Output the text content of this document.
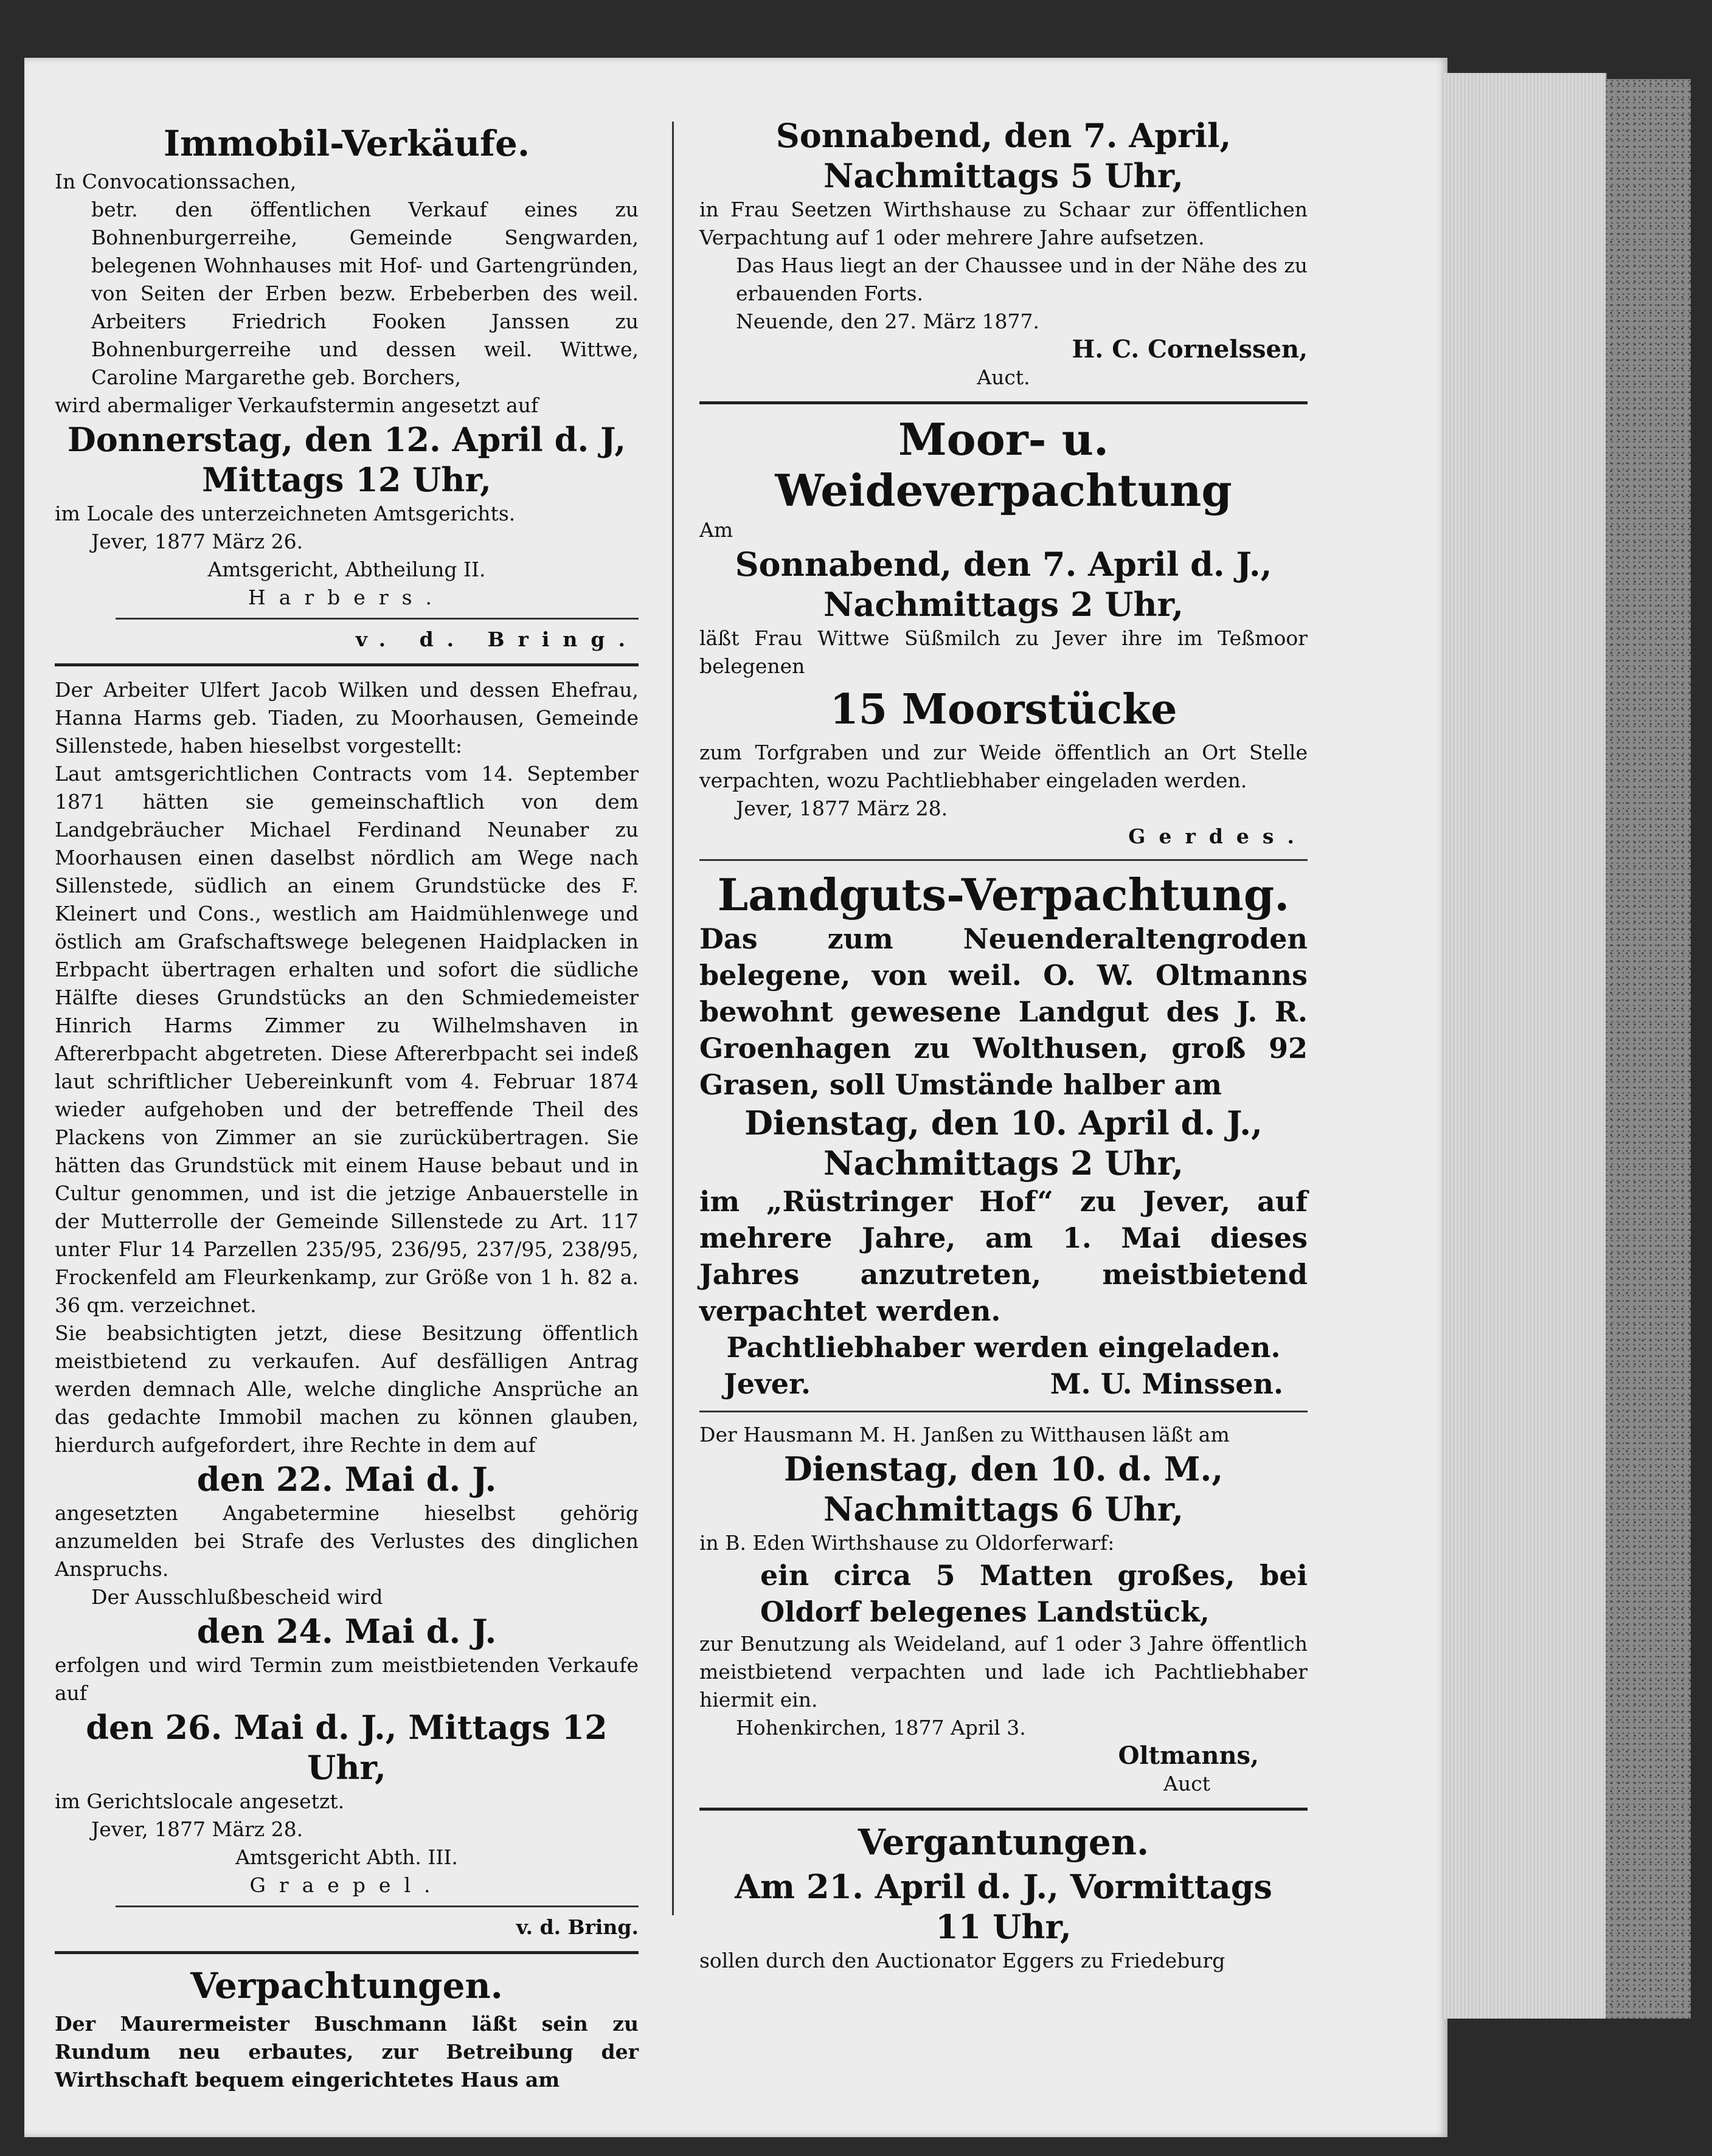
Immobil-Verkäufe.

In Convocationssachen,

betr. den öffentlichen Verkauf eines zu Bohnenburgerreihe, Gemeinde Sengwarden, belegenen Wohnhauses mit Hof- und Gartengründen, von Seiten der Erben bezw. Erbeberben des weil. Arbeiters Friedrich Fooken Janssen zu Bohnenburgerreihe und dessen weil. Wittwe, Caroline Margarethe geb. Borchers,

wird abermaliger Verkaufstermin angesetzt auf

Donnerstag, den 12. April d. J,
Mittags 12 Uhr,

im Locale des unterzeichneten Amtsgerichts.

Jever, 1877 März 26.

Amtsgericht, Abtheilung II.

Harbers.

v. d. Bring.

Der Arbeiter Ulfert Jacob Wilken und dessen Ehefrau, Hanna Harms geb. Tiaden, zu Moorhausen, Gemeinde Sillenstede, haben hieselbst vorgestellt:

Laut amtsgerichtlichen Contracts vom 14. September 1871 hätten sie gemeinschaftlich von dem Landgebräucher Michael Ferdinand Neunaber zu Moorhausen einen daselbst nördlich am Wege nach Sillenstede, südlich an einem Grundstücke des F. Kleinert und Cons., westlich am Haidmühlenwege und östlich am Grafschaftswege belegenen Haidplacken in Erbpacht übertragen erhalten und sofort die südliche Hälfte dieses Grundstücks an den Schmiedemeister Hinrich Harms Zimmer zu Wilhelmshaven in Aftererbpacht abgetreten. Diese Aftererbpacht sei indeß laut schriftlicher Uebereinkunft vom 4. Februar 1874 wieder aufgehoben und der betreffende Theil des Plackens von Zimmer an sie zurückübertragen. Sie hätten das Grundstück mit einem Hause bebaut und in Cultur genommen, und ist die jetzige Anbauerstelle in der Mutterrolle der Gemeinde Sillenstede zu Art. 117 unter Flur 14 Parzellen 235/95, 236/95, 237/95, 238/95, Frockenfeld am Fleurkenkamp, zur Größe von 1 h. 82 a. 36 qm. verzeichnet.

Sie beabsichtigten jetzt, diese Besitzung öffentlich meistbietend zu verkaufen. Auf desfälligen Antrag werden demnach Alle, welche dingliche Ansprüche an das gedachte Immobil machen zu können glauben, hierdurch aufgefordert, ihre Rechte in dem auf

den 22. Mai d. J.

angesetzten Angabetermine hieselbst gehörig anzumelden bei Strafe des Verlustes des dinglichen Anspruchs.

Der Ausschlußbescheid wird

den 24. Mai d. J.

erfolgen und wird Termin zum meistbietenden Verkaufe auf

den 26. Mai d. J., Mittags 12 Uhr,

im Gerichtslocale angesetzt.

Jever, 1877 März 28.

Amtsgericht Abth. III.

Graepel.

v. d. Bring.

Verpachtungen.

Der Maurermeister Buschmann läßt sein zu Rundum neu erbautes, zur Betreibung der Wirthschaft bequem eingerichtetes Haus am

Sonnabend, den 7. April,
Nachmittags 5 Uhr,

in Frau Seetzen Wirthshause zu Schaar zur öffentlichen Verpachtung auf 1 oder mehrere Jahre aufsetzen.

Das Haus liegt an der Chaussee und in der Nähe des zu erbauenden Forts.

Neuende, den 27. März 1877.

H. C. Cornelssen,

Auct.

Moor- u. Weideverpachtung

Am

Sonnabend, den 7. April d. J.,
Nachmittags 2 Uhr,

läßt Frau Wittwe Süßmilch zu Jever ihre im Teßmoor belegenen

15 Moorstücke

zum Torfgraben und zur Weide öffentlich an Ort Stelle verpachten, wozu Pachtliebhaber eingeladen werden.

Jever, 1877 März 28.

Gerdes.

Landguts-Verpachtung.

Das zum Neuenderaltengroden belegene, von weil. O. W. Oltmanns bewohnt gewesene Landgut des J. R. Groenhagen zu Wolthusen, groß 92 Grasen, soll Umstände halber am

Dienstag, den 10. April d. J.,
Nachmittags 2 Uhr,

im „Rüstringer Hof“ zu Jever, auf mehrere Jahre, am 1. Mai dieses Jahres anzutreten, meistbietend verpachtet werden.

Pachtliebhaber werden eingeladen.

Jever.	M. U. Minssen.

Der Hausmann M. H. Janßen zu Witthausen läßt am

Dienstag, den 10. d. M.,
Nachmittags 6 Uhr,

in B. Eden Wirthshause zu Oldorferwarf:

ein circa 5 Matten großes, bei Oldorf belegenes Landstück,

zur Benutzung als Weideland, auf 1 oder 3 Jahre öffentlich meistbietend verpachten und lade ich Pachtliebhaber hiermit ein.

Hohenkirchen, 1877 April 3.

Oltmanns,

Auct

Vergantungen.
Am 21. April d. J., Vormittags
11 Uhr,

sollen durch den Auctionator Eggers zu Friedeburg
